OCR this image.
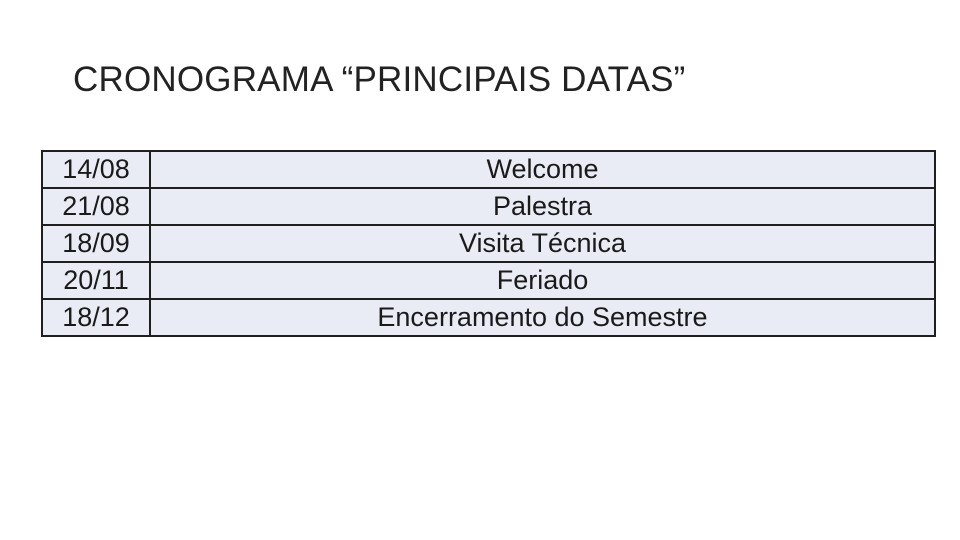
CRONOGRAMA “PRINCIPAIS DATAS”
14/08	Welcome
21/08	Palestra
18/09	Visita Técnica
20/11	Feriado
18/12	Encerramento do Semestre
